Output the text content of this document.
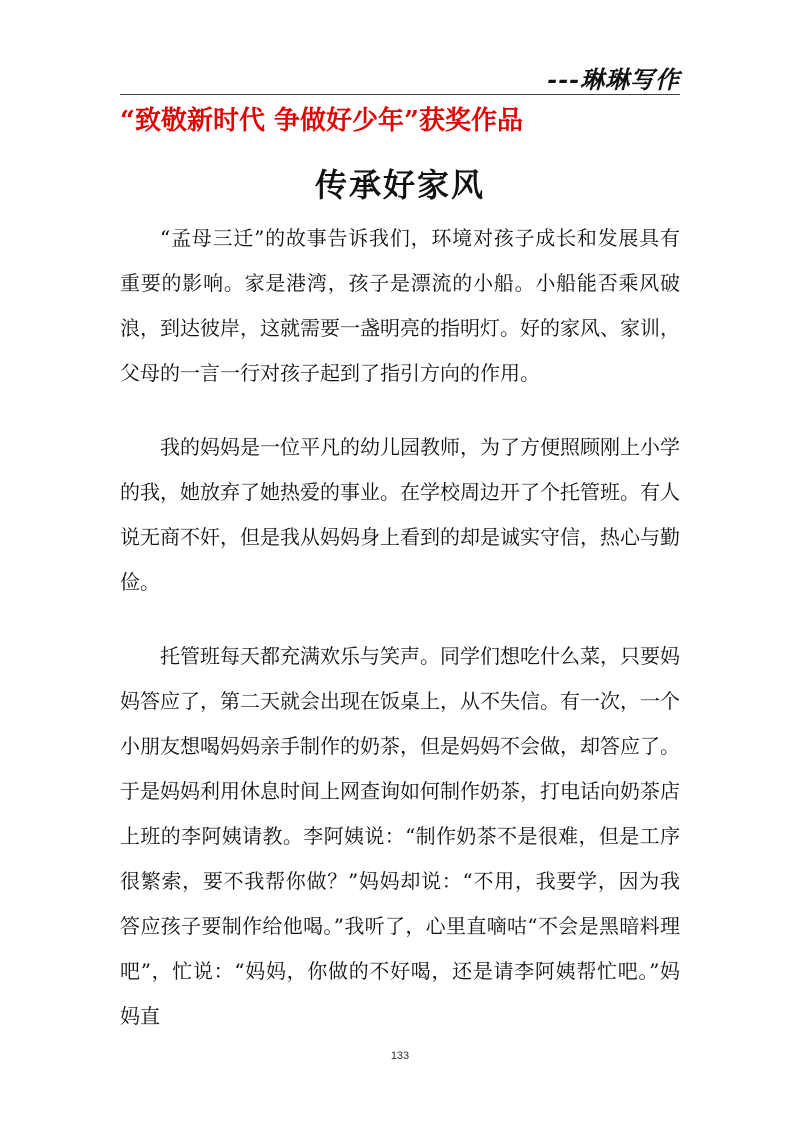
---琳琳写作
“致敬新时代 争做好少年”获奖作品
传承好家风

“孟母三迁”的故事告诉我们，环境对孩子成长和发展具有重要的影响。家是港湾，孩子是漂流的小船。小船能否乘风破浪，到达彼岸，这就需要一盏明亮的指明灯。好的家风、家训，父母的一言一行对孩子起到了指引方向的作用。

我的妈妈是一位平凡的幼儿园教师，为了方便照顾刚上小学的我，她放弃了她热爱的事业。在学校周边开了个托管班。有人说无商不奸，但是我从妈妈身上看到的却是诚实守信，热心与勤俭。

托管班每天都充满欢乐与笑声。同学们想吃什么菜，只要妈妈答应了，第二天就会出现在饭桌上，从不失信。有一次，一个小朋友想喝妈妈亲手制作的奶茶，但是妈妈不会做，却答应了。于是妈妈利用休息时间上网查询如何制作奶茶，打电话向奶茶店上班的李阿姨请教。李阿姨说：“制作奶茶不是很难，但是工序很繁索，要不我帮你做？”妈妈却说：“不用，我要学，因为我答应孩子要制作给他喝。”我听了，心里直嘀咕“不会是黑暗料理吧”，忙说：“妈妈，你做的不好喝，还是请李阿姨帮忙吧。”妈妈直

133
